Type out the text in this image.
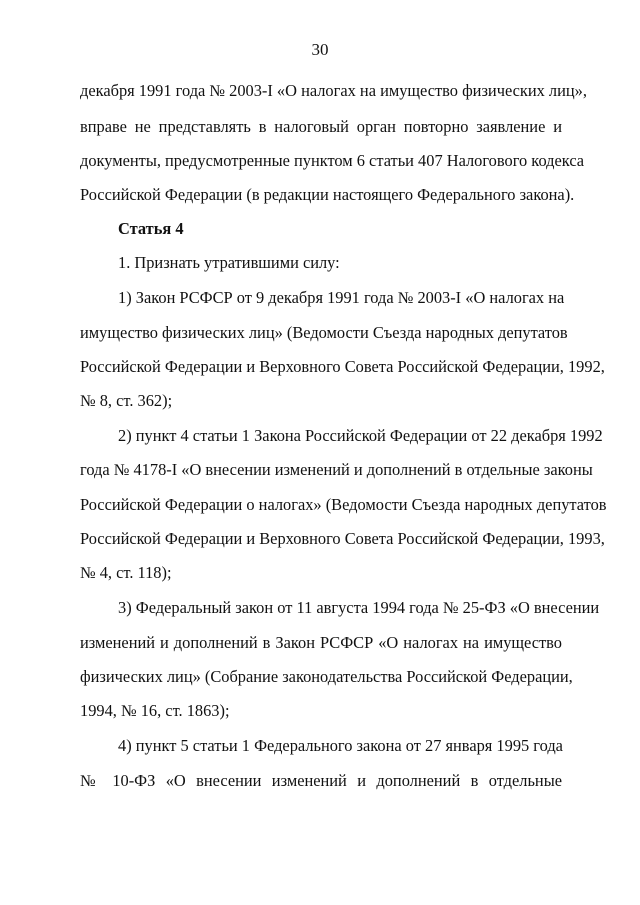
30
декабря 1991 года № 2003-I «О налогах на имущество физических лиц»,
вправе не представлять в налоговый орган повторно заявление и
документы, предусмотренные пунктом 6 статьи 407 Налогового кодекса
Российской Федерации (в редакции настоящего Федерального закона).
Статья 4
1. Признать утратившими силу:
1) Закон РСФСР от 9 декабря 1991 года № 2003-I «О налогах на
имущество физических лиц» (Ведомости Съезда народных депутатов
Российской Федерации и Верховного Совета Российской Федерации, 1992,
№ 8, ст. 362);
2) пункт 4 статьи 1 Закона Российской Федерации от 22 декабря 1992
года № 4178-I «О внесении изменений и дополнений в отдельные законы
Российской Федерации о налогах» (Ведомости Съезда народных депутатов
Российской Федерации и Верховного Совета Российской Федерации, 1993,
№ 4, ст. 118);
3) Федеральный закон от 11 августа 1994 года № 25-ФЗ «О внесении
изменений и дополнений в Закон РСФСР «О налогах на имущество
физических лиц» (Собрание законодательства Российской Федерации,
1994, № 16, ст. 1863);
4) пункт 5 статьи 1 Федерального закона от 27 января 1995 года
№ 10-ФЗ «О внесении изменений и дополнений в отдельные
